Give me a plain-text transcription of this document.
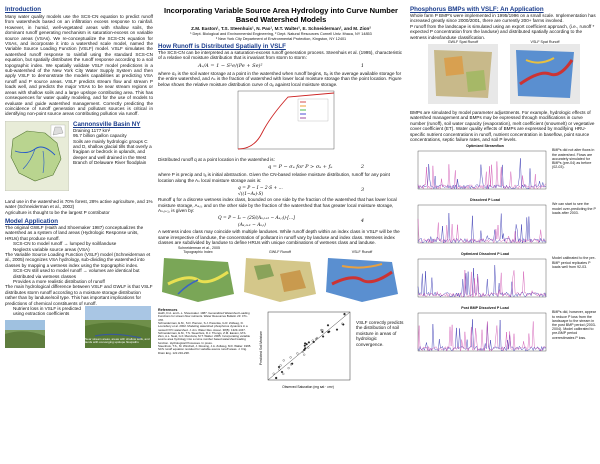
Introduction
Many water quality models use the SCS-CN equation to predict runoff from watersheds based on an infiltration excess response to rainfall. However, in humid, well-vegetated areas with shallow soils, the dominant runoff generating mechanism is saturation-excess on variable source areas (VSAs). We re-conceptualize the SCS-CN equation for VSAs, and incorporate it into a watershed scale model, named the Variable Source Loading Function (VSLF) model. VSLF simulates the watershed runoff response to rainfall using the standard SCS-CN equation, but spatially distributes the runoff response according to a soil topographic index. We spatially validate VSLF model predictions in a sub-watershed of the New York City Water Supply System and then apply VSLF to demonstrate the models capabilities at predicting VSA runoff and P source areas. VSLF predicts stream flow and stream P loads well, and predicts the major VSAs to be near stream regions or areas with shallow soils and a large upslope contributing area. This has consequences for water quality modeling, and for the use of models to evaluate and guide watershed management. Correctly predicting the coincidence of runoff generation and pollutant sources is critical in identifying non-point source areas contributing pollution via runoff.
Cannonsville Basin NY
Draining 1177 km²
95.7 billion gallon capacity
Soils are mainly hydrologic groups C and D, shallow glacial tills that overly a fragipan or bedrock in uplands, and deeper and well drained in the West Branch of Delaware River floodplain
Land use in the watershed is 70% forest, 28% active agriculture, and 1% water (Schneiderman et al., 2002)
Agriculture is thought to be the largest P contributor
Model Application
The original GWLF (Haith and Shoemaker 1987) conceptualizes the watershed as a system of land areas (Hydrologic Response units, HRUs) that produce runoff.
SCS-CN to model runoff → lumped by soil/landuse
Neglects variable source areas (VSA)
The Variable Source Loading Function (VSLF) model (Schneiderman et al., 2005) recognizes VSA hydrology, sub-dividing the watershed into classes by mapping a wetness index using the topographic index.
SCS-CN still used to model runoff → volumes are identical but distributed via wetness classes
Provides a more realistic distribution of runoff
The main hydrological difference between VSLF and GWLF is that VSLF distributes storm runoff according to a moisture storage distribution rather than by landuse/soil type. This has important implications for predictions of chemical constituents of runoff.
Nutrient loss in VSLF is predicted using extraction coefficients
Near stream areas, areas with shallow soils, and lands with converging upslope flowpaths
Incorporating Variable Source Area Hydrology into Curve Number
Based Watershed Models
Z.M. Easton¹, T.S. Steenhuis¹, N. Pao¹, M.T. Walter¹, E. Schneiderman², and M. Zion²
¹ Dept. Biological and Environmental Engineering, ² Dept. Natural Resources Cornell Univ. Ithaca, NY 14853
² New York City Department of Environmental Protection, Kingston, NY 12401
How Runoff is Distributed Spatially in VSLF
The SCS-CN can be interpreted as a saturation-excess runoff generation process. Steenhuis et al. (1995), characteristic of a relative soil moisture distribution that is invariant from storm to storm:
Aᵥ/A = 1 − S²e/(Pe + Se)²	1
where σₑ is the soil water storage at a point in the watershed when runoff begins, Sₑ is the average available storage for the entire watershed, and Aₛ is the fraction of watershed with lower local moisture storage than the point location. Figure below shows the relative moisture distribution curve of σₑ against local moisture storage.
Distributed runoff q at a point location in the watershed is:
q = P − σₑ for P > σₑ + fₑ	2
where P is precip and Iₐ is initial abstraction. Given the CN-based relative moisture distribution, runoff for any point location along the Aₛ local moisture storage axis is:
q = P − I − 2·S + ...
√((1−Aₛ)·S)
3
Runoff q for a discrete wetness index class, bounded on one side by the fraction of the watershed that has lower local moisture storage, Aₛ,ᵢ, and on the other side by the fraction of the watershed that has greater local moisture storage, Aₛ,ᵢ₊₁, is given by:
Q = P − Iₐ − (2S/(Aₛ,ᵢ₊₁ − Aₛ,ᵢ))·[...]
(Aₛ,ᵢ₊₁ − Aₛ,ᵢ)
4
A wetness index class may coincide with multiple landuses. While runoff depth within an index class in VSLF will be the same irrespective of landuse, the concentration of pollutant in runoff vary by landuse and index class. Wetness index classes are subdivided by landuse to define HRUs with unique combinations of wetness class and landuse.
Schneiderman et al., 2005
Topographic Index	GWLF Runoff	VSLF Runoff
References
Haith, D.A. and L.L. Shoemaker. 1987. Generalized Watershed Loading Functions for stream flow nutrients. Water Resources Bulletin 23: 471-478.
Schneiderman, E.M., S.D. Pierson, S.J. Pacenka, G.R. Zollweg, D. Lounsbury et al. 2002. Modeling watershed phosphorus dynamics in a nested NYC watershed. J. Am. Water Res. Assoc. 38(5): 1323-1347.
Schneiderman, E.M., T.S. Steenhuis, D.J. Thongs, Z.M. Easton, M.S. Zion, A.L. Neal, G.F. Mendoza, M.T. Walter. 2005. Incorporating variable source area hydrology into a curve number based watershed loading function. Hydrological Processes. In press.
Steenhuis, T.S., M. Winchell, J. Rossing, J.A. Zollweg, M.F. Walter. 1995. SCS runoff equation revisited for variable-source runoff areas. J. Irrig. Drain Eng. 121:234-238.
Observed Saturation (mg sat · cm³)
Predicted Soil Moisture
VSLF correctly predicts the distribution of soil moisture in areas of hydrologic convergence.
Phosphorus BMPs with VSLF: An Application
Whole farm P BMP's were implemented in 1995/1996 on a small scale. Implementation has increased greatly since 2000/2001, there are currently 200+ farms involved.
P runoff from the landscape is simulated using an export coefficient approach, (i.e., runoff * expected P concentration from the landuse) and distributed spatially according to the wetness index/landuse classification.
GWLF Spat Runoff	VSLF Spat Runoff
BMPs are simulated by model parameter adjustments. For example, hydrologic effects of watershed management and BMPs may be expressed through modifications in curve number (runoff), soil water capacity (evaporation), melt coefficient (snowmelt) or vegetative cover coefficient (ET). Water quality effects of BMPs are expressed by modifying HRU-specific nutrient concentrations in runoff, nutrient concentration in baseflow, point source concentrations, septic failure rates, and soil P levels.
Optimized Streamflow
BMPs did not alter flows in the watershed. Flows are accurately simulated for BMPs (pre-04) as before (02-03).
Dissolved P Load
We can start to see the model over-predicting the P loads after 2003.
Optimized Dissolved P Load
Model calibrated to the pre-BMP period replicates P loads well from 92-03.
Post BMP Dissolved P Load
BMPs did, however, appear to reduce P loss from the landscape to the stream in the post BMP period (2003-2004). Model calibrated to pre-BMP period overestimates P loss.
